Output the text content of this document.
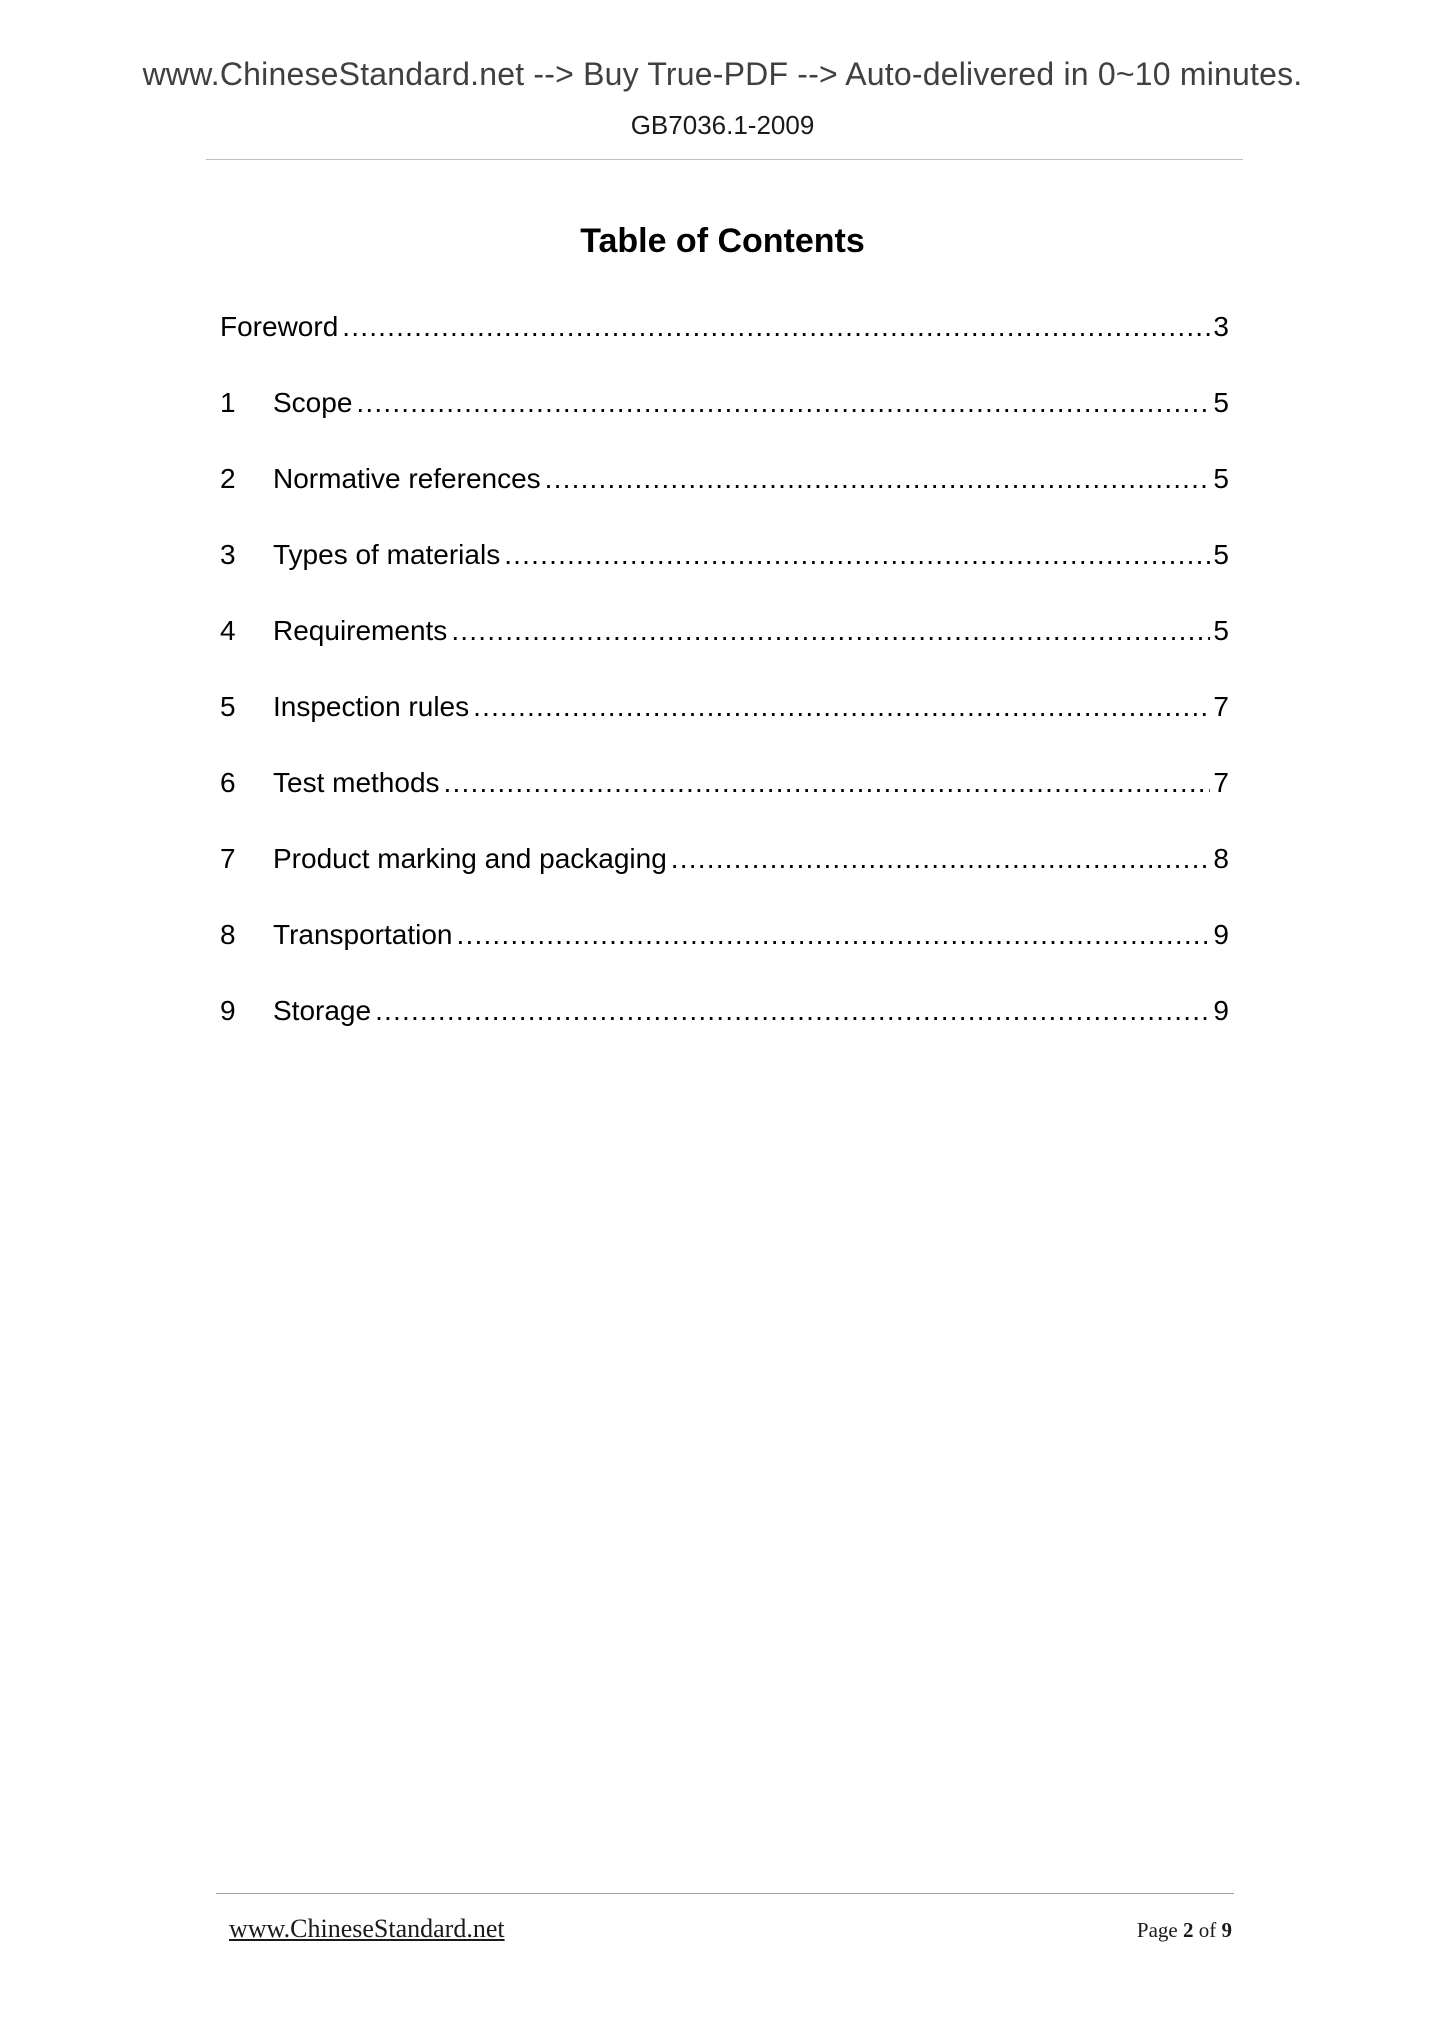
www.ChineseStandard.net --> Buy True-PDF --> Auto-delivered in 0~10 minutes.
GB7036.1-2009
Table of Contents
Foreword .....	3
1	Scope .....	5
2	Normative references .....	5
3	Types of materials .....	5
4	Requirements .....	5
5	Inspection rules .....	7
6	Test methods .....	7
7	Product marking and packaging .....	8
8	Transportation .....	9
9	Storage .....	9
www.ChineseStandard.net	Page 2 of 9
